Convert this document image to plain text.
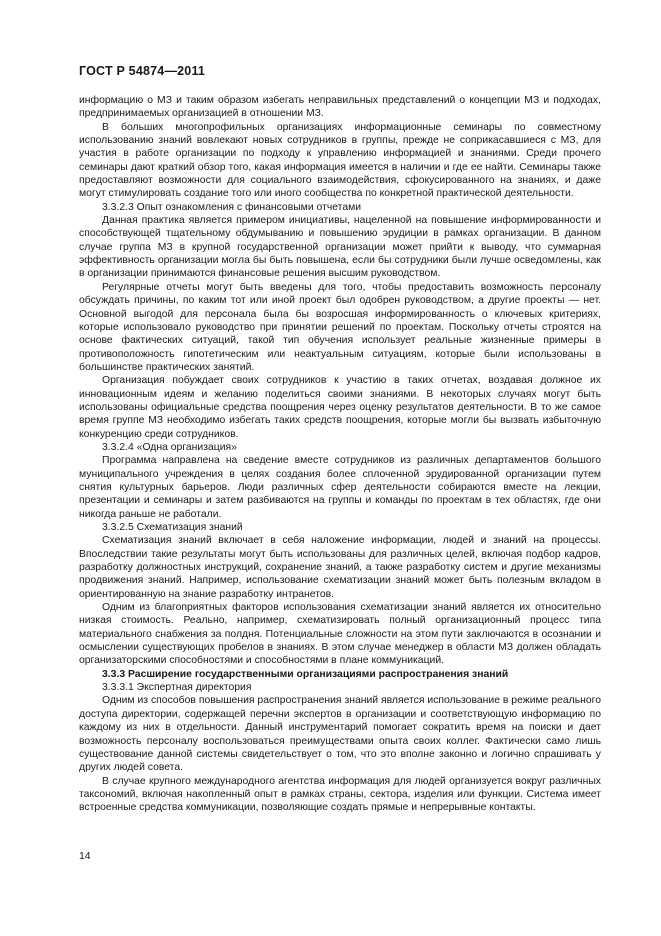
ГОСТ Р 54874—2011

информацию о МЗ и таким образом избегать неправильных представлений о концепции МЗ и подходах, предпринимаемых организацией в отношении МЗ.

В больших многопрофильных организациях информационные семинары по совместному использованию знаний вовлекают новых сотрудников в группы, прежде не соприкасавшиеся с МЗ, для участия в работе организации по подходу к управлению информацией и знаниями. Среди прочего семинары дают краткий обзор того, какая информация имеется в наличии и где ее найти. Семинары также предоставляют возможности для социального взаимодействия, сфокусированного на знаниях, и даже могут стимулировать создание того или иного сообщества по конкретной практической деятельности.

3.3.2.3 Опыт ознакомления с финансовыми отчетами

Данная практика является примером инициативы, нацеленной на повышение информированности и способствующей тщательному обдумыванию и повышению эрудиции в рамках организации. В данном случае группа МЗ в крупной государственной организации может прийти к выводу, что суммарная эффективность организации могла бы быть повышена, если бы сотрудники были лучше осведомлены, как в организации принимаются финансовые решения высшим руководством.

Регулярные отчеты могут быть введены для того, чтобы предоставить возможность персоналу обсуждать причины, по каким тот или иной проект был одобрен руководством, а другие проекты — нет. Основной выгодой для персонала была бы возросшая информированность о ключевых критериях, которые использовало руководство при принятии решений по проектам. Поскольку отчеты строятся на основе фактических ситуаций, такой тип обучения использует реальные жизненные примеры в противоположность гипотетическим или неактуальным ситуациям, которые были использованы в большинстве практических занятий.

Организация побуждает своих сотрудников к участию в таких отчетах, воздавая должное их инновационным идеям и желанию поделиться своими знаниями. В некоторых случаях могут быть использованы официальные средства поощрения через оценку результатов деятельности. В то же самое время группе МЗ необходимо избегать таких средств поощрения, которые могли бы вызвать избыточную конкуренцию среди сотрудников.

3.3.2.4 «Одна организация»

Программа направлена на сведение вместе сотрудников из различных департаментов большого муниципального учреждения в целях создания более сплоченной эрудированной организации путем снятия культурных барьеров. Люди различных сфер деятельности собираются вместе на лекции, презентации и семинары и затем разбиваются на группы и команды по проектам в тех областях, где они никогда раньше не работали.

3.3.2.5 Схематизация знаний

Схематизация знаний включает в себя наложение информации, людей и знаний на процессы. Впоследствии такие результаты могут быть использованы для различных целей, включая подбор кадров, разработку должностных инструкций, сохранение знаний, а также разработку систем и другие механизмы продвижения знаний. Например, использование схематизации знаний может быть полезным вкладом в ориентированную на знание разработку интранетов.

Одним из благоприятных факторов использования схематизации знаний является их относительно низкая стоимость. Реально, например, схематизировать полный организационный процесс типа материального снабжения за полдня. Потенциальные сложности на этом пути заключаются в осознании и осмыслении существующих пробелов в знаниях. В этом случае менеджер в области МЗ должен обладать организаторскими способностями и способностями в плане коммуникаций.

3.3.3 Расширение государственными организациями распространения знаний

3.3.3.1 Экспертная директория

Одним из способов повышения распространения знаний является использование в режиме реального доступа директории, содержащей перечни экспертов в организации и соответствующую информацию по каждому из них в отдельности. Данный инструментарий помогает сократить время на поиски и дает возможность персоналу воспользоваться преимуществами опыта своих коллег. Фактически само лишь существование данной системы свидетельствует о том, что это вполне законно и логично спрашивать у других людей совета.

В случае крупного международного агентства информация для людей организуется вокруг различных таксономий, включая накопленный опыт в рамках страны, сектора, изделия или функции. Система имеет встроенные средства коммуникации, позволяющие создать прямые и непрерывные контакты.

14
